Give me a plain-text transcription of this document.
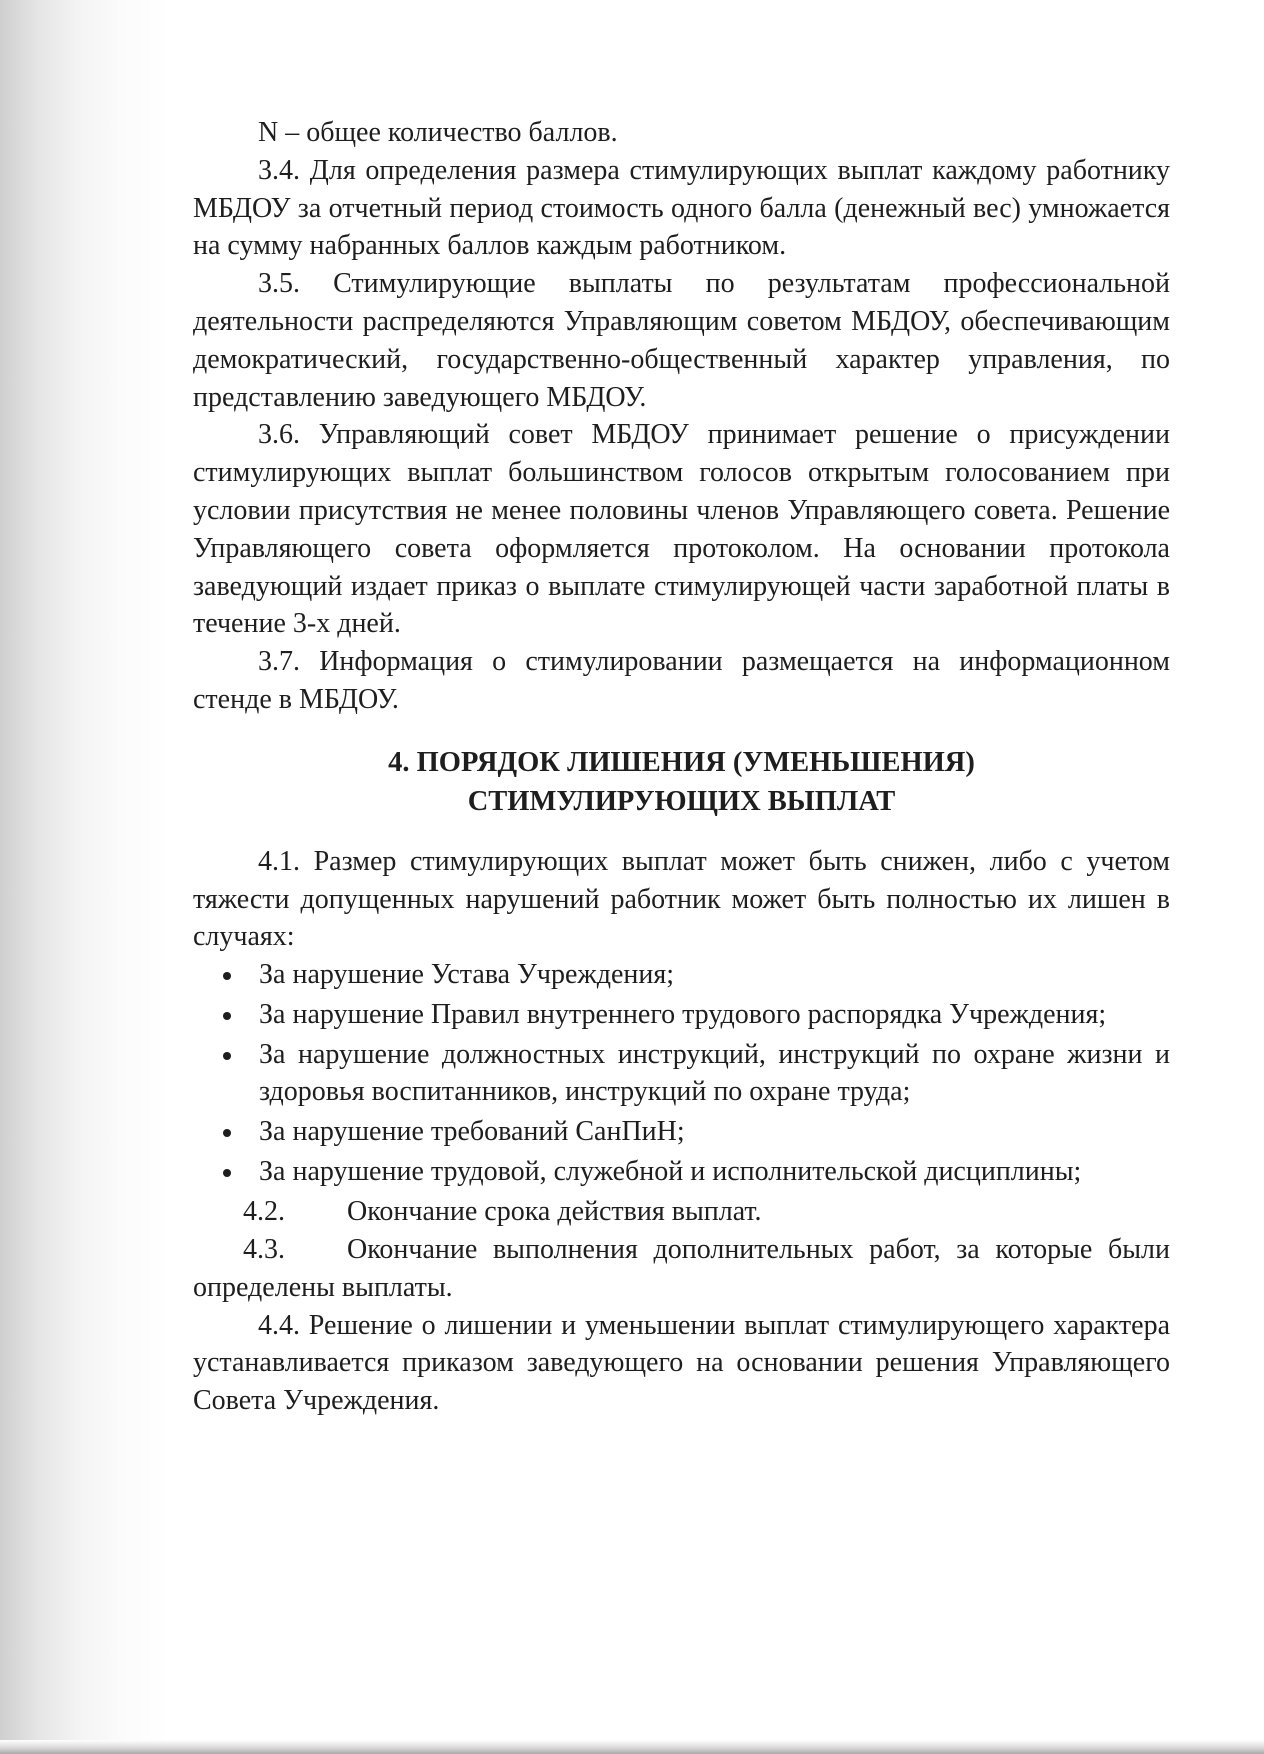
N – общее количество баллов.

3.4. Для определения размера стимулирующих выплат каждому работнику МБДОУ за отчетный период стоимость одного балла (денежный вес) умножается на сумму набранных баллов каждым работником.

3.5. Стимулирующие выплаты по результатам профессиональной деятельности распределяются Управляющим советом МБДОУ, обеспечивающим демократический, государственно-общественный характер управления, по представлению заведующего МБДОУ.

3.6. Управляющий совет МБДОУ принимает решение о присуждении стимулирующих выплат большинством голосов открытым голосованием при условии присутствия не менее половины членов Управляющего совета. Решение Управляющего совета оформляется протоколом. На основании протокола заведующий издает приказ о выплате стимулирующей части заработной платы в течение 3-х дней.

3.7. Информация о стимулировании размещается на информационном стенде в МБДОУ.

4. ПОРЯДОК ЛИШЕНИЯ (УМЕНЬШЕНИЯ)
СТИМУЛИРУЮЩИХ ВЫПЛАТ

4.1. Размер стимулирующих выплат может быть снижен, либо с учетом тяжести допущенных нарушений работник может быть полностью их лишен в случаях:

За нарушение Устава Учреждения;
За нарушение Правил внутреннего трудового распорядка Учреждения;
За нарушение должностных инструкций, инструкций по охране жизни и здоровья воспитанников, инструкций по охране труда;
За нарушение требований СанПиН;
За нарушение трудовой, служебной и исполнительской дисциплины;

4.2. Окончание срока действия выплат.

4.3. Окончание выполнения дополнительных работ, за которые были определены выплаты.

4.4. Решение о лишении и уменьшении выплат стимулирующего характера устанавливается приказом заведующего на основании решения Управляющего Совета Учреждения.
